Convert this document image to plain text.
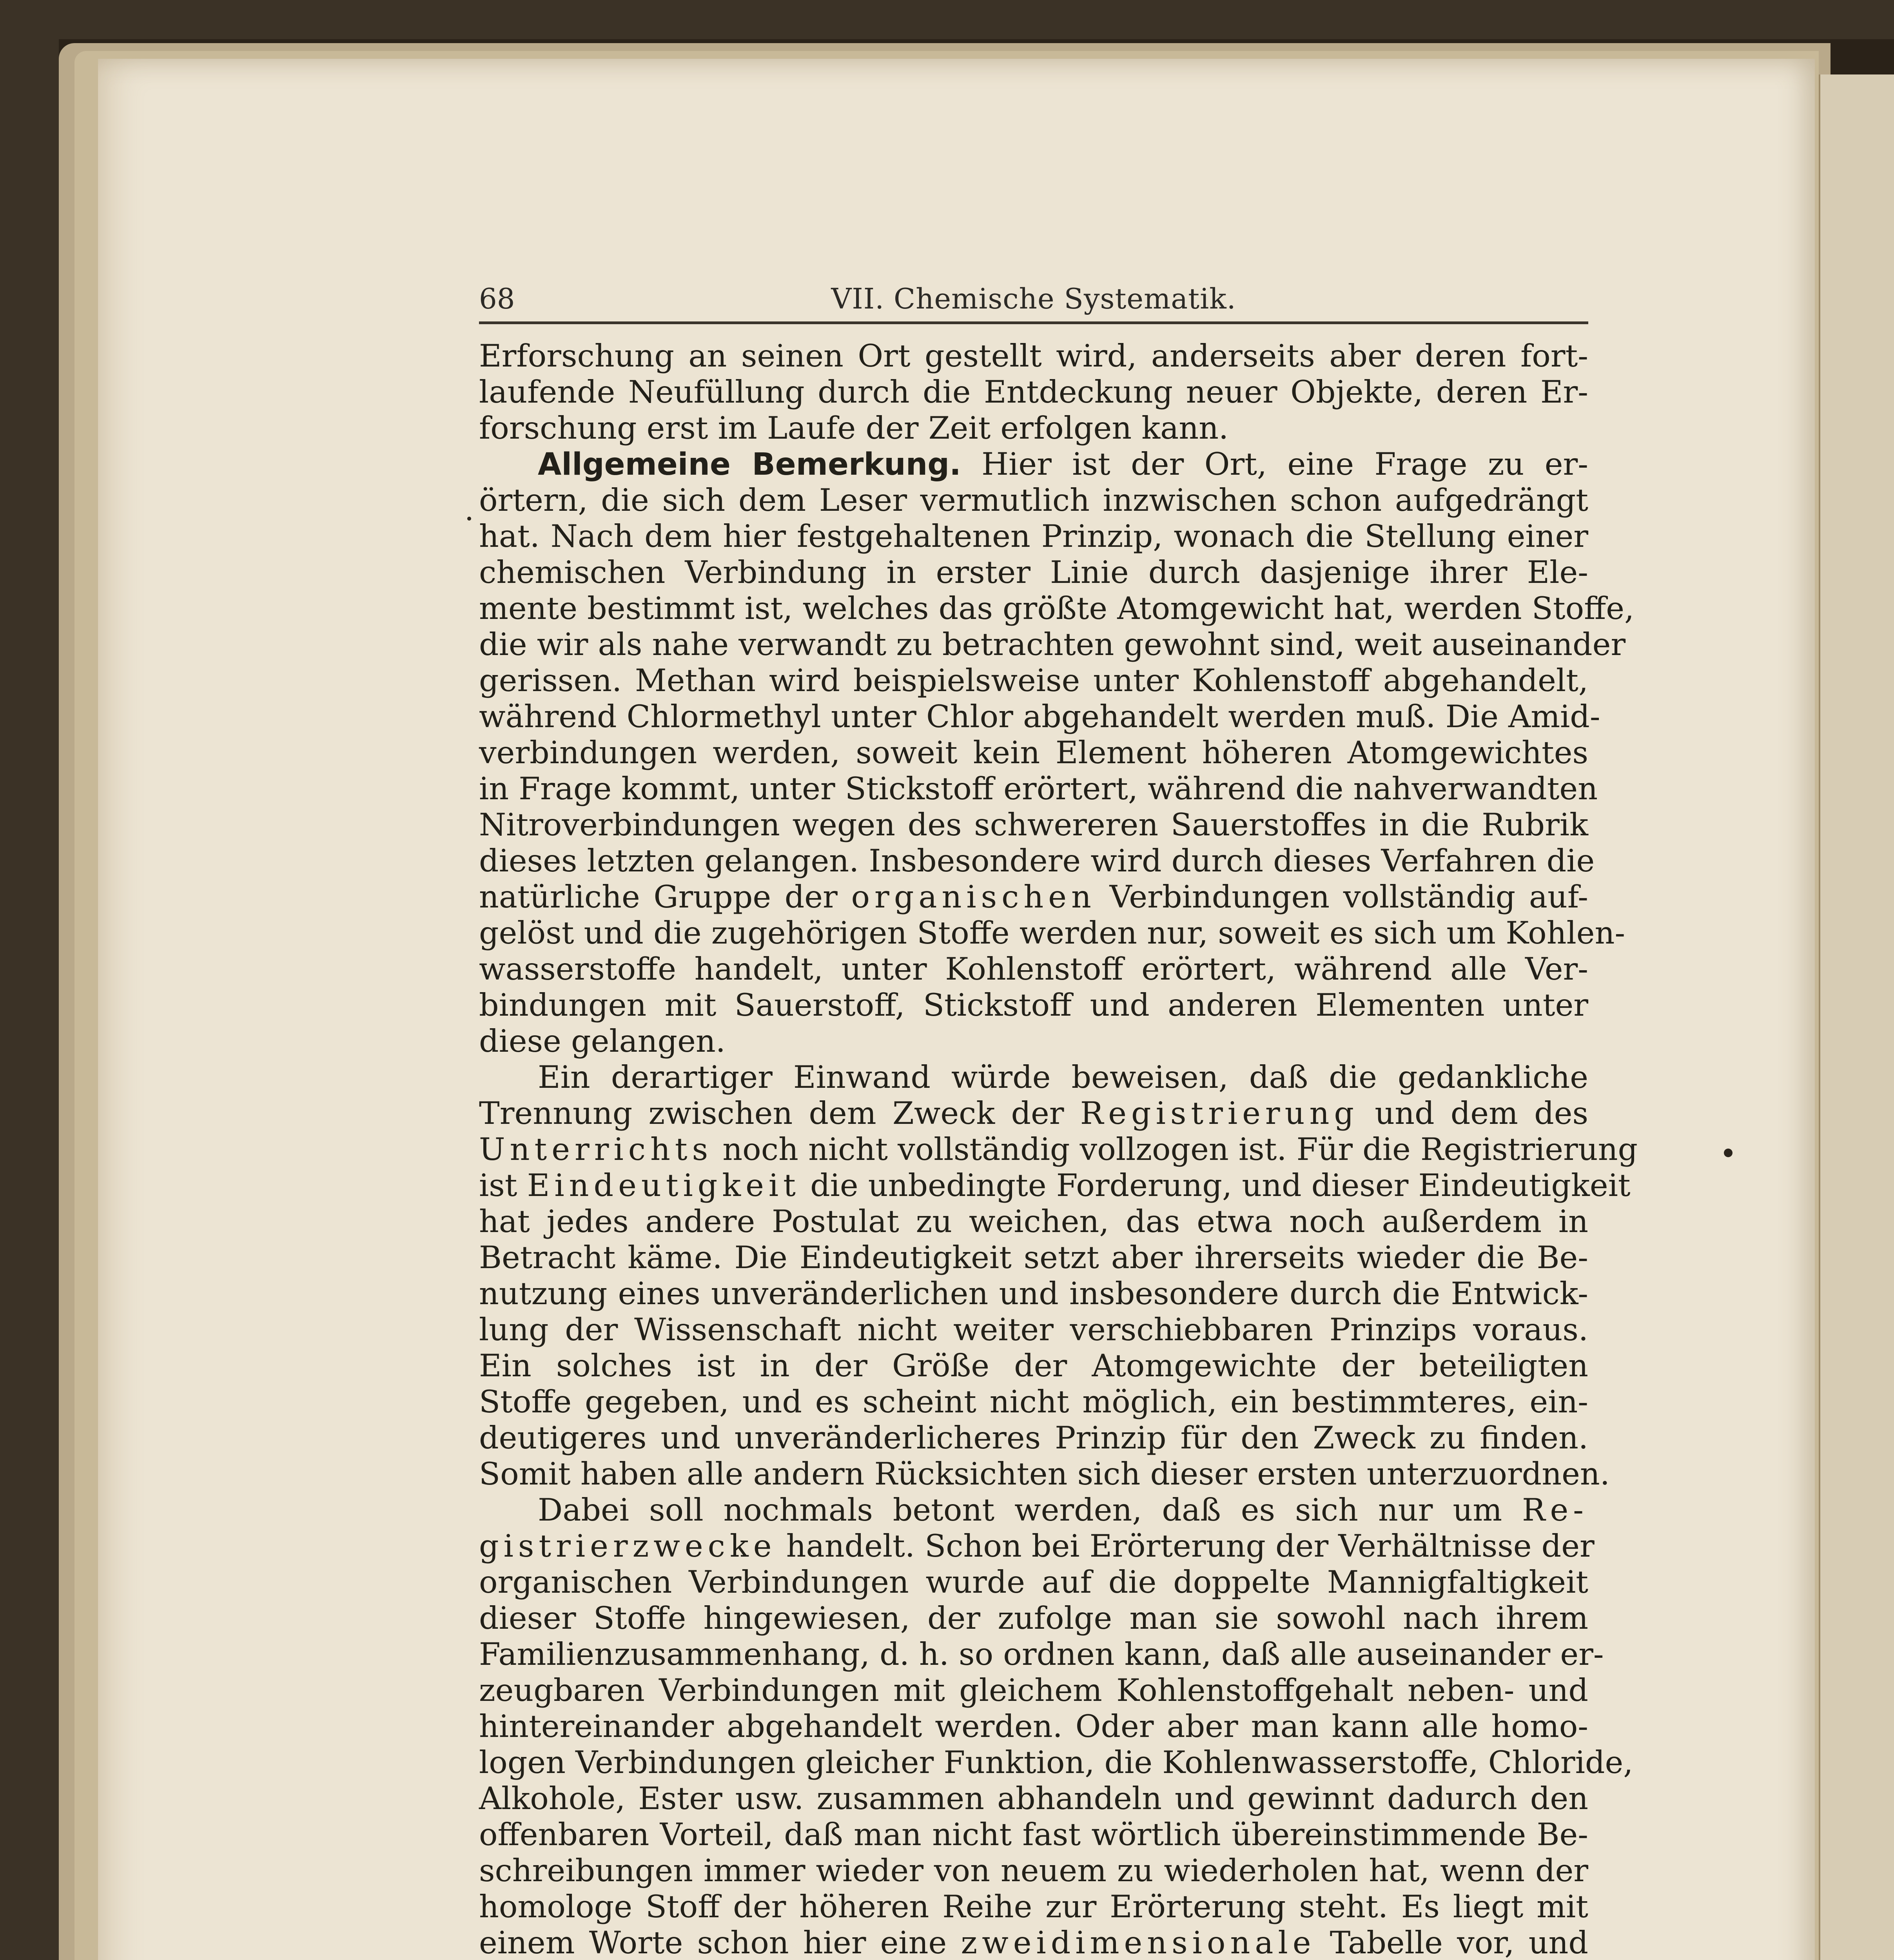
68	VII. Chemische Systematik.
Erforschung an seinen Ort gestellt wird, anderseits aber deren fort-
laufende Neufüllung durch die Entdeckung neuer Objekte, deren Er-
forschung erst im Laufe der Zeit erfolgen kann.
Allgemeine Bemerkung. Hier ist der Ort, eine Frage zu er-
örtern, die sich dem Leser vermutlich inzwischen schon aufgedrängt
hat. Nach dem hier festgehaltenen Prinzip, wonach die Stellung einer
chemischen Verbindung in erster Linie durch dasjenige ihrer Ele-
mente bestimmt ist, welches das größte Atomgewicht hat, werden Stoffe,
die wir als nahe verwandt zu betrachten gewohnt sind, weit auseinander
gerissen. Methan wird beispielsweise unter Kohlenstoff abgehandelt,
während Chlormethyl unter Chlor abgehandelt werden muß. Die Amid-
verbindungen werden, soweit kein Element höheren Atomgewichtes
in Frage kommt, unter Stickstoff erörtert, während die nahverwandten
Nitroverbindungen wegen des schwereren Sauerstoffes in die Rubrik
dieses letzten gelangen. Insbesondere wird durch dieses Verfahren die
natürliche Gruppe der organischen Verbindungen vollständig auf-
gelöst und die zugehörigen Stoffe werden nur, soweit es sich um Kohlen-
wasserstoffe handelt, unter Kohlenstoff erörtert, während alle Ver-
bindungen mit Sauerstoff, Stickstoff und anderen Elementen unter
diese gelangen.
Ein derartiger Einwand würde beweisen, daß die gedankliche
Trennung zwischen dem Zweck der Registrierung und dem des
Unterrichts noch nicht vollständig vollzogen ist. Für die Registrierung
ist Eindeutigkeit die unbedingte Forderung, und dieser Eindeutigkeit
hat jedes andere Postulat zu weichen, das etwa noch außerdem in
Betracht käme. Die Eindeutigkeit setzt aber ihrerseits wieder die Be-
nutzung eines unveränderlichen und insbesondere durch die Entwick-
lung der Wissenschaft nicht weiter verschiebbaren Prinzips voraus.
Ein solches ist in der Größe der Atomgewichte der beteiligten
Stoffe gegeben, und es scheint nicht möglich, ein bestimmteres, ein-
deutigeres und unveränderlicheres Prinzip für den Zweck zu finden.
Somit haben alle andern Rücksichten sich dieser ersten unterzuordnen.
Dabei soll nochmals betont werden, daß es sich nur um Re-
gistrierzwecke handelt. Schon bei Erörterung der Verhältnisse der
organischen Verbindungen wurde auf die doppelte Mannigfaltigkeit
dieser Stoffe hingewiesen, der zufolge man sie sowohl nach ihrem
Familienzusammenhang, d. h. so ordnen kann, daß alle auseinander er-
zeugbaren Verbindungen mit gleichem Kohlenstoffgehalt neben- und
hintereinander abgehandelt werden. Oder aber man kann alle homo-
logen Verbindungen gleicher Funktion, die Kohlenwasserstoffe, Chloride,
Alkohole, Ester usw. zusammen abhandeln und gewinnt dadurch den
offenbaren Vorteil, daß man nicht fast wörtlich übereinstimmende Be-
schreibungen immer wieder von neuem zu wiederholen hat, wenn der
homologe Stoff der höheren Reihe zur Erörterung steht. Es liegt mit
einem Worte schon hier eine zweidimensionale Tabelle vor, und
